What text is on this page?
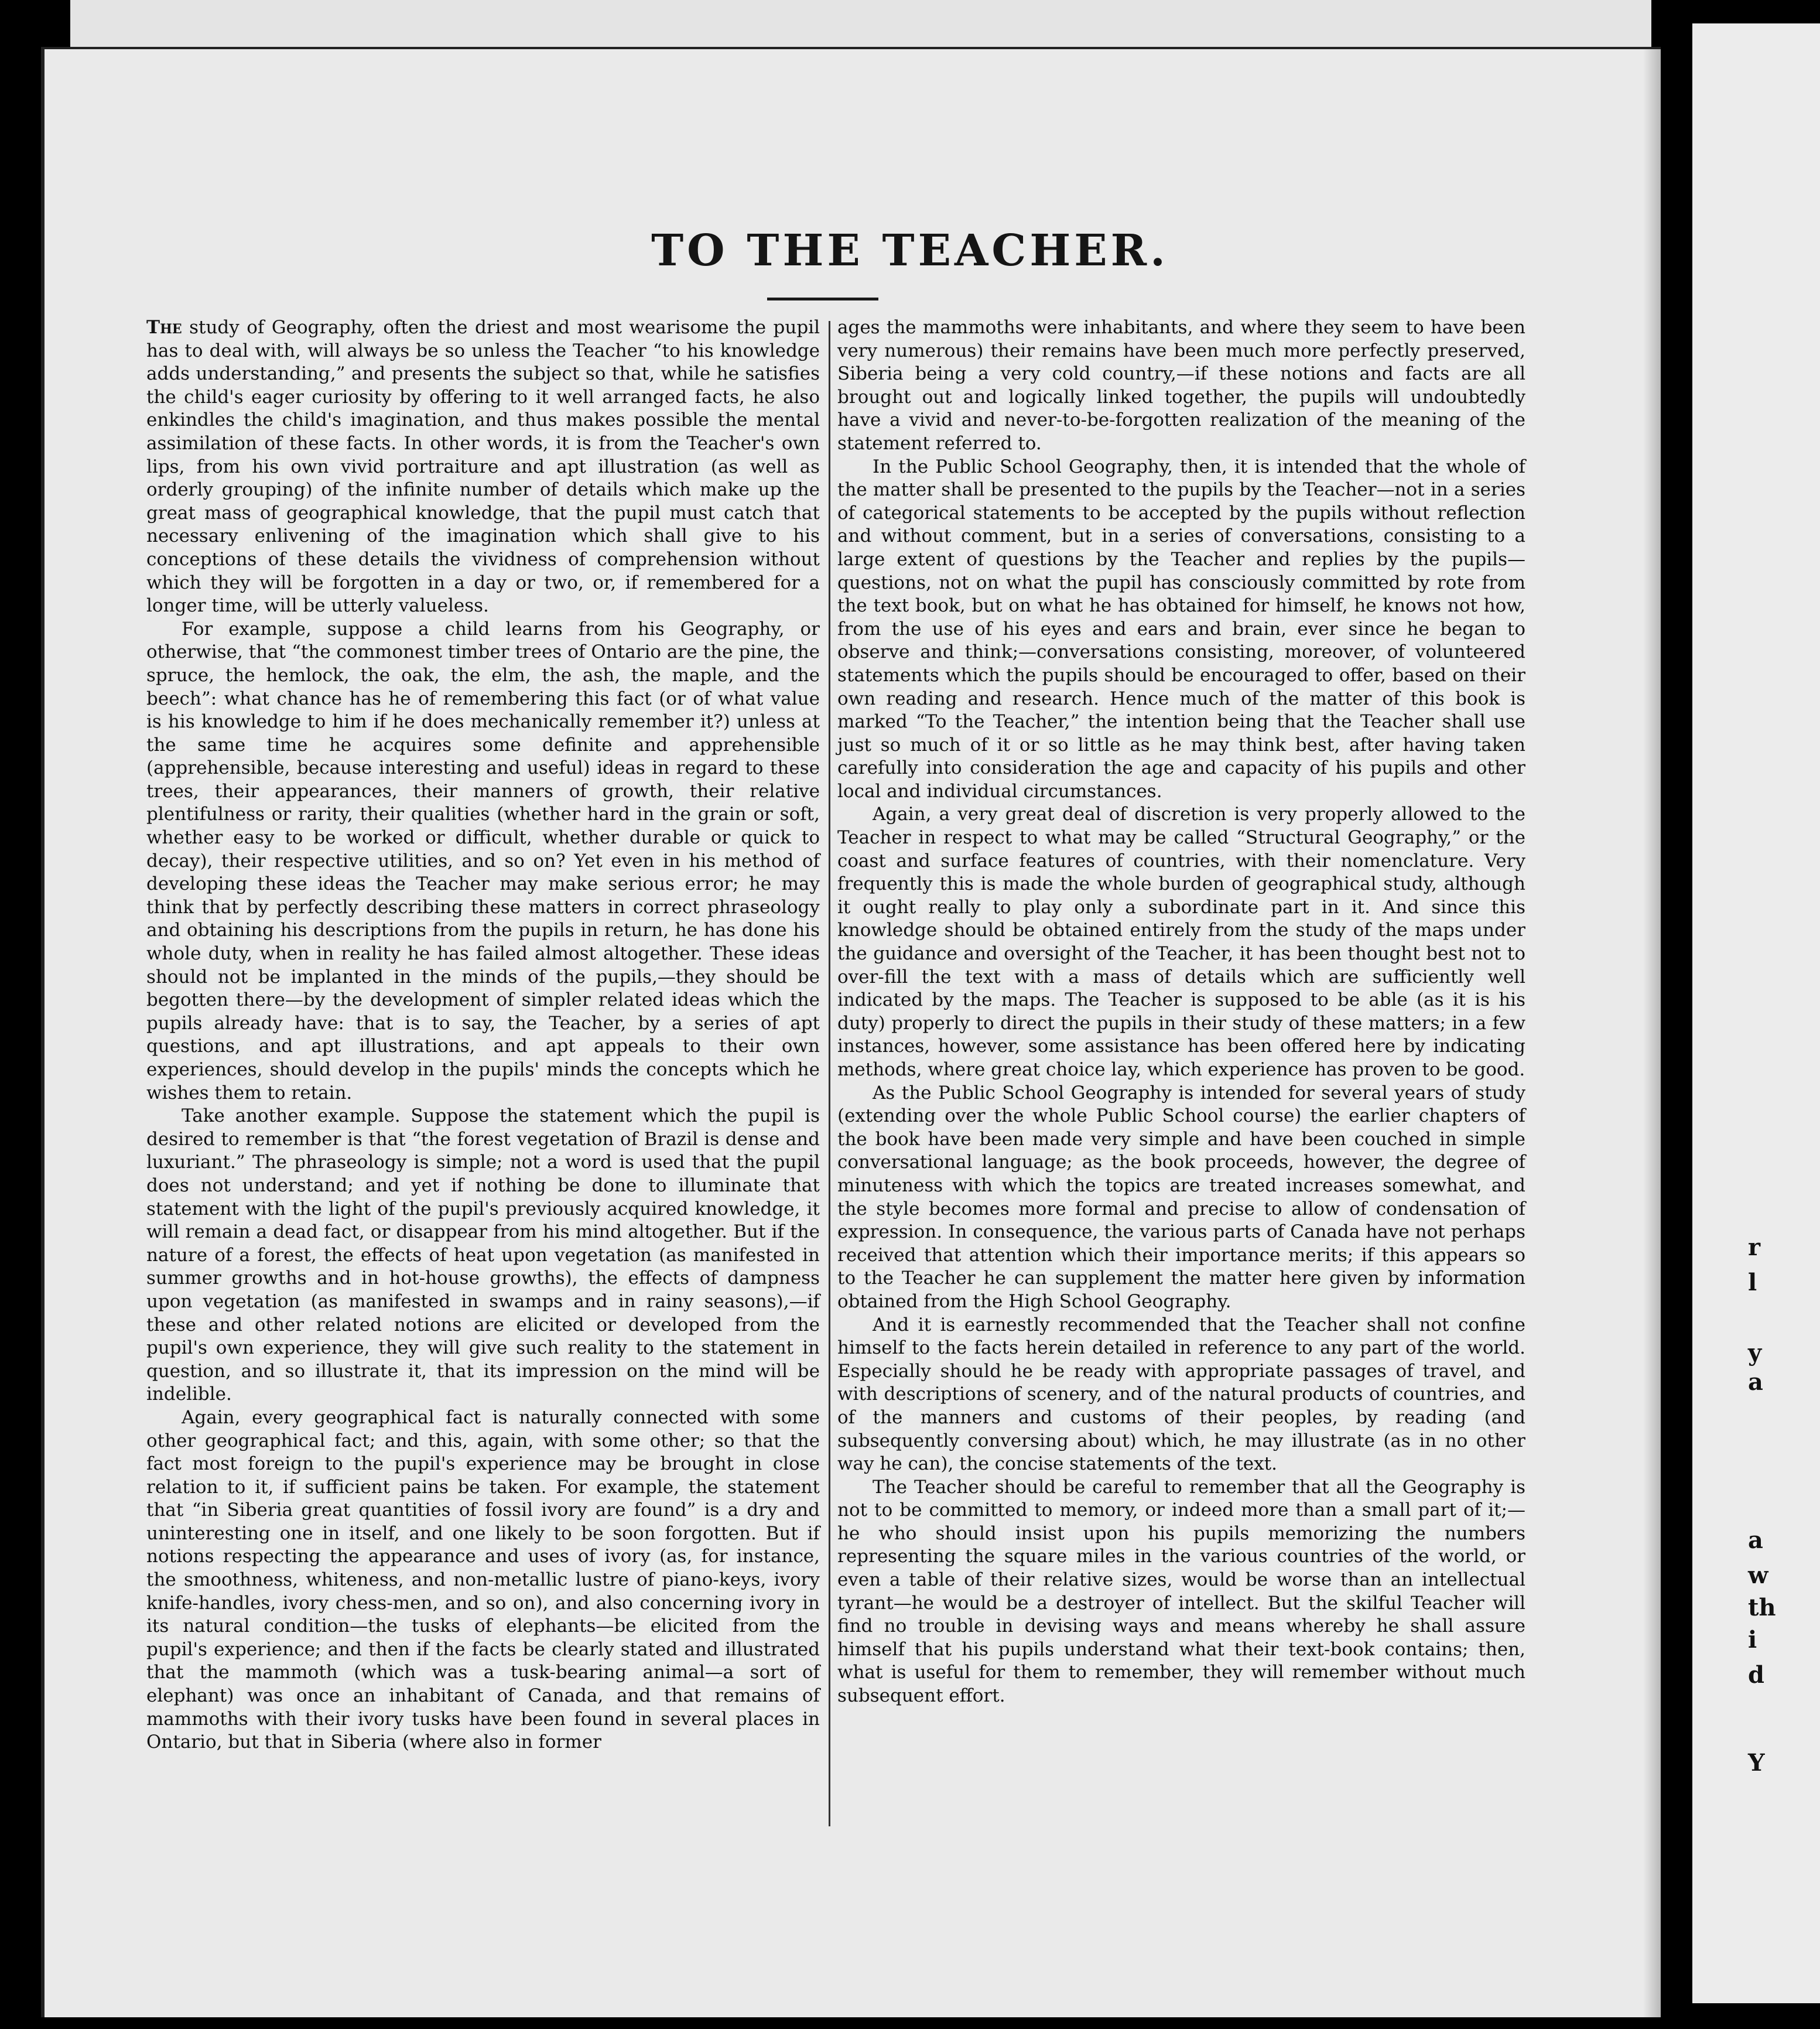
r
l
y
a
a
w
th
i
d
Y
TO THE TEACHER.

The study of Geography, often the driest and most wearisome the pupil has to deal with, will always be so unless the Teacher “to his knowledge adds understanding,” and presents the subject so that, while he satisfies the child's eager curiosity by offering to it well arranged facts, he also enkindles the child's imagination, and thus makes possible the mental assimilation of these facts. In other words, it is from the Teacher's own lips, from his own vivid portraiture and apt illustration (as well as orderly grouping) of the infinite number of details which make up the great mass of geographical knowledge, that the pupil must catch that necessary enlivening of the imagination which shall give to his conceptions of these details the vividness of comprehension without which they will be forgotten in a day or two, or, if remembered for a longer time, will be utterly valueless.

For example, suppose a child learns from his Geography, or otherwise, that “the commonest timber trees of Ontario are the pine, the spruce, the hemlock, the oak, the elm, the ash, the maple, and the beech”: what chance has he of remembering this fact (or of what value is his knowledge to him if he does mechanically remember it?) unless at the same time he acquires some definite and apprehensible (apprehensible, because interesting and useful) ideas in regard to these trees, their appearances, their manners of growth, their relative plentifulness or rarity, their qualities (whether hard in the grain or soft, whether easy to be worked or difficult, whether durable or quick to decay), their respective utilities, and so on? Yet even in his method of developing these ideas the Teacher may make serious error; he may think that by perfectly describing these matters in correct phraseology and obtaining his descriptions from the pupils in return, he has done his whole duty, when in reality he has failed almost altogether. These ideas should not be implanted in the minds of the pupils,—they should be begotten there—by the development of simpler related ideas which the pupils already have: that is to say, the Teacher, by a series of apt questions, and apt illustrations, and apt appeals to their own experiences, should develop in the pupils' minds the concepts which he wishes them to retain.

Take another example. Suppose the statement which the pupil is desired to remember is that “the forest vegetation of Brazil is dense and luxuriant.” The phraseology is simple; not a word is used that the pupil does not understand; and yet if nothing be done to illuminate that statement with the light of the pupil's previously acquired knowledge, it will remain a dead fact, or disappear from his mind altogether. But if the nature of a forest, the effects of heat upon vegetation (as manifested in summer growths and in hot-house growths), the effects of dampness upon vegetation (as manifested in swamps and in rainy seasons),—if these and other related notions are elicited or developed from the pupil's own experience, they will give such reality to the statement in question, and so illustrate it, that its impression on the mind will be indelible.

Again, every geographical fact is naturally connected with some other geographical fact; and this, again, with some other; so that the fact most foreign to the pupil's experience may be brought in close relation to it, if sufficient pains be taken. For example, the statement that “in Siberia great quantities of fossil ivory are found” is a dry and uninteresting one in itself, and one likely to be soon forgotten. But if notions respecting the appearance and uses of ivory (as, for instance, the smoothness, whiteness, and non-metallic lustre of piano-keys, ivory knife-handles, ivory chess-men, and so on), and also concerning ivory in its natural condition—the tusks of elephants—be elicited from the pupil's experience; and then if the facts be clearly stated and illustrated that the mammoth (which was a tusk-bearing animal—a sort of elephant) was once an inhabitant of Canada, and that remains of mammoths with their ivory tusks have been found in several places in Ontario, but that in Siberia (where also in former

ages the mammoths were inhabitants, and where they seem to have been very numerous) their remains have been much more perfectly preserved, Siberia being a very cold country,—if these notions and facts are all brought out and logically linked together, the pupils will undoubtedly have a vivid and never-to-be-forgotten realization of the meaning of the statement referred to.

In the Public School Geography, then, it is intended that the whole of the matter shall be presented to the pupils by the Teacher—not in a series of categorical statements to be accepted by the pupils without reflection and without comment, but in a series of conversations, consisting to a large extent of questions by the Teacher and replies by the pupils—questions, not on what the pupil has consciously committed by rote from the text book, but on what he has obtained for himself, he knows not how, from the use of his eyes and ears and brain, ever since he began to observe and think;—conversations consisting, moreover, of volunteered statements which the pupils should be encouraged to offer, based on their own reading and research. Hence much of the matter of this book is marked “To the Teacher,” the intention being that the Teacher shall use just so much of it or so little as he may think best, after having taken carefully into consideration the age and capacity of his pupils and other local and individual circumstances.

Again, a very great deal of discretion is very properly allowed to the Teacher in respect to what may be called “Structural Geography,” or the coast and surface features of countries, with their nomenclature. Very frequently this is made the whole burden of geographical study, although it ought really to play only a subordinate part in it. And since this knowledge should be obtained entirely from the study of the maps under the guidance and oversight of the Teacher, it has been thought best not to over-fill the text with a mass of details which are sufficiently well indicated by the maps. The Teacher is supposed to be able (as it is his duty) properly to direct the pupils in their study of these matters; in a few instances, however, some assistance has been offered here by indicating methods, where great choice lay, which experience has proven to be good.

As the Public School Geography is intended for several years of study (extending over the whole Public School course) the earlier chapters of the book have been made very simple and have been couched in simple conversational language; as the book proceeds, however, the degree of minuteness with which the topics are treated increases somewhat, and the style becomes more formal and precise to allow of condensation of expression. In consequence, the various parts of Canada have not perhaps received that attention which their importance merits; if this appears so to the Teacher he can supplement the matter here given by information obtained from the High School Geography.

And it is earnestly recommended that the Teacher shall not confine himself to the facts herein detailed in reference to any part of the world. Especially should he be ready with appropriate passages of travel, and with descriptions of scenery, and of the natural products of countries, and of the manners and customs of their peoples, by reading (and subsequently conversing about) which, he may illustrate (as in no other way he can), the concise statements of the text.

The Teacher should be careful to remember that all the Geography is not to be committed to memory, or indeed more than a small part of it;—he who should insist upon his pupils memorizing the numbers representing the square miles in the various countries of the world, or even a table of their relative sizes, would be worse than an intellectual tyrant—he would be a destroyer of intellect. But the skilful Teacher will find no trouble in devising ways and means whereby he shall assure himself that his pupils understand what their text-book contains; then, what is useful for them to remember, they will remember without much subsequent effort.
